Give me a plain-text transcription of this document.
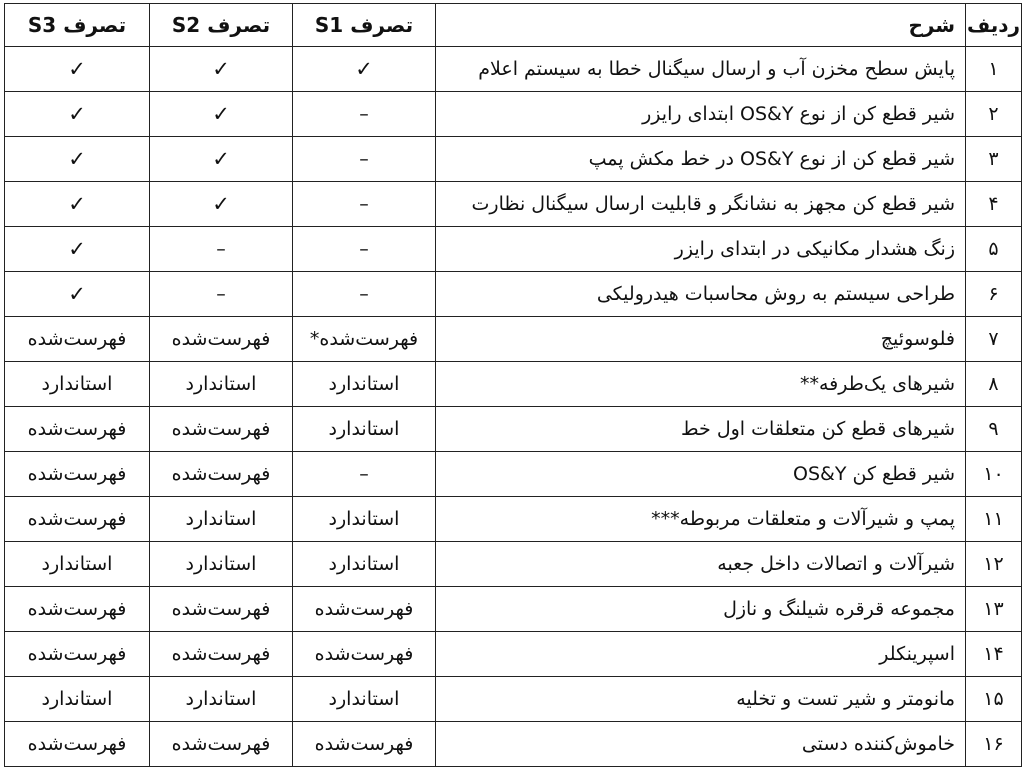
ردیف	شرح	تصرف S1	تصرف S2	تصرف S3
۱	پایش سطح مخزن آب و ارسال سیگنال خطا به سیستم اعلام	✓	✓	✓
۲	شیر قطع کن از نوع OS&Y ابتدای رایزر	–	✓	✓
۳	شیر قطع کن از نوع OS&Y در خط مکش پمپ	–	✓	✓
۴	شیر قطع کن مجهز به نشانگر و قابلیت ارسال سیگنال نظارت	–	✓	✓
۵	زنگ هشدار مکانیکی در ابتدای رایزر	–	–	✓
۶	طراحی سیستم به روش محاسبات هیدرولیکی	–	–	✓
۷	فلوسوئیچ	فهرست‌شده*	فهرست‌شده	فهرست‌شده
۸	شیرهای یک‌طرفه**	استاندارد	استاندارد	استاندارد
۹	شیرهای قطع کن متعلقات اول خط	استاندارد	فهرست‌شده	فهرست‌شده
۱۰	شیر قطع کن OS&Y	–	فهرست‌شده	فهرست‌شده
۱۱	پمپ و شیرآلات و متعلقات مربوطه***	استاندارد	استاندارد	فهرست‌شده
۱۲	شیرآلات و اتصالات داخل جعبه	استاندارد	استاندارد	استاندارد
۱۳	مجموعه قرقره شیلنگ و نازل	فهرست‌شده	فهرست‌شده	فهرست‌شده
۱۴	اسپرینکلر	فهرست‌شده	فهرست‌شده	فهرست‌شده
۱۵	مانومتر و شیر تست و تخلیه	استاندارد	استاندارد	استاندارد
۱۶	خاموش‌کننده دستی	فهرست‌شده	فهرست‌شده	فهرست‌شده
